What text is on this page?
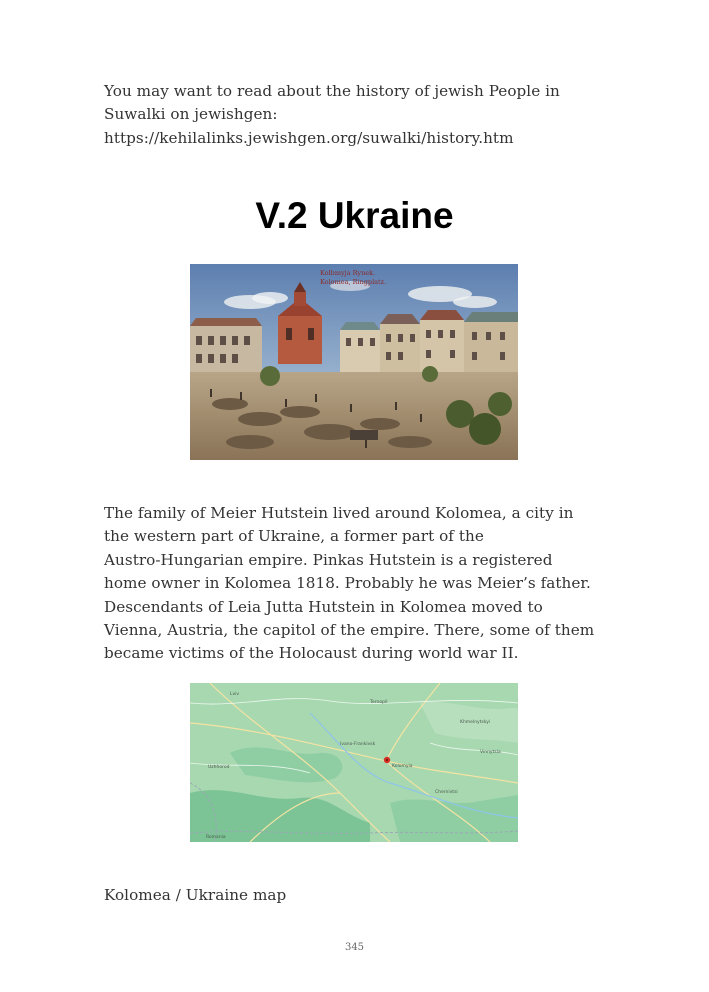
You may want to read about the history of jewish People in
Suwalki on jewishgen:
https://kehilalinks.jewishgen.org/suwalki/history.htm
V.2 Ukraine
Kolbmyja Rynek.
Kolomea, Ringplatz.
The family of Meier Hutstein lived around Kolomea, a city in
the western part of Ukraine, a former part of the
Austro-Hungarian empire. Pinkas Hutstein is a registered
home owner in Kolomea 1818. Probably he was Meier’s father.
Descendants of Leia Jutta Hutstein in Kolomea moved to
Vienna, Austria, the capitol of the empire. There, some of them
became victims of the Holocaust during world war II.
Lviv
Ternopil
Ivano-Frankivsk
Kolomyia
Chernivtsi
Uzhhorod
Khmelnytskyi
Vinnytsia
Romania
Kolomea / Ukraine map
345
